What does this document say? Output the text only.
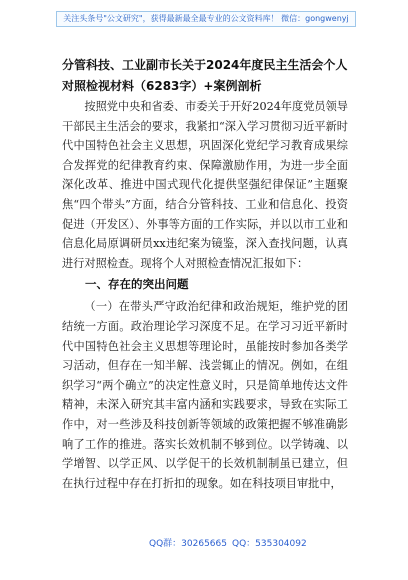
关注头条号"公文研究"，获得最新最全最专业的公文资料库！ 微信：gongwenyj
分管科技、工业副市长关于2024年度民主生活会个人对照检视材料（6283字）+案例剖析

按照党中央和省委、市委关于开好2024年度党员领导干部民主生活会的要求，我紧扣“深入学习贯彻习近平新时代中国特色社会主义思想，巩固深化党纪学习教育成果综合发挥党的纪律教育约束、保障激励作用，为进一步全面深化改革、推进中国式现代化提供坚强纪律保证”主题聚焦“四个带头”方面，结合分管科技、工业和信息化、投资促进（开发区）、外事等方面的工作实际，并以以市工业和信息化局原调研员xx违纪案为镜鉴，深入查找问题，认真进行对照检查。现将个人对照检查情况汇报如下：

一、存在的突出问题

（一）在带头严守政治纪律和政治规矩，维护党的团结统一方面。政治理论学习深度不足。在学习习近平新时代中国特色社会主义思想等理论时，虽能按时参加各类学习活动，但存在一知半解、浅尝辄止的情况。例如，在组织学习“两个确立”的决定性意义时，只是简单地传达文件精神，未深入研究其丰富内涵和实践要求，导致在实际工作中，对一些涉及科技创新等领域的政策把握不够准确影响了工作的推进。落实长效机制不够到位。以学铸魂、以学增智、以学正风、以学促干的长效机制制虽已建立，但在执行过程中存在打折扣的现象。如在科技项目审批中，

QQ群：30265665 QQ：535304092
